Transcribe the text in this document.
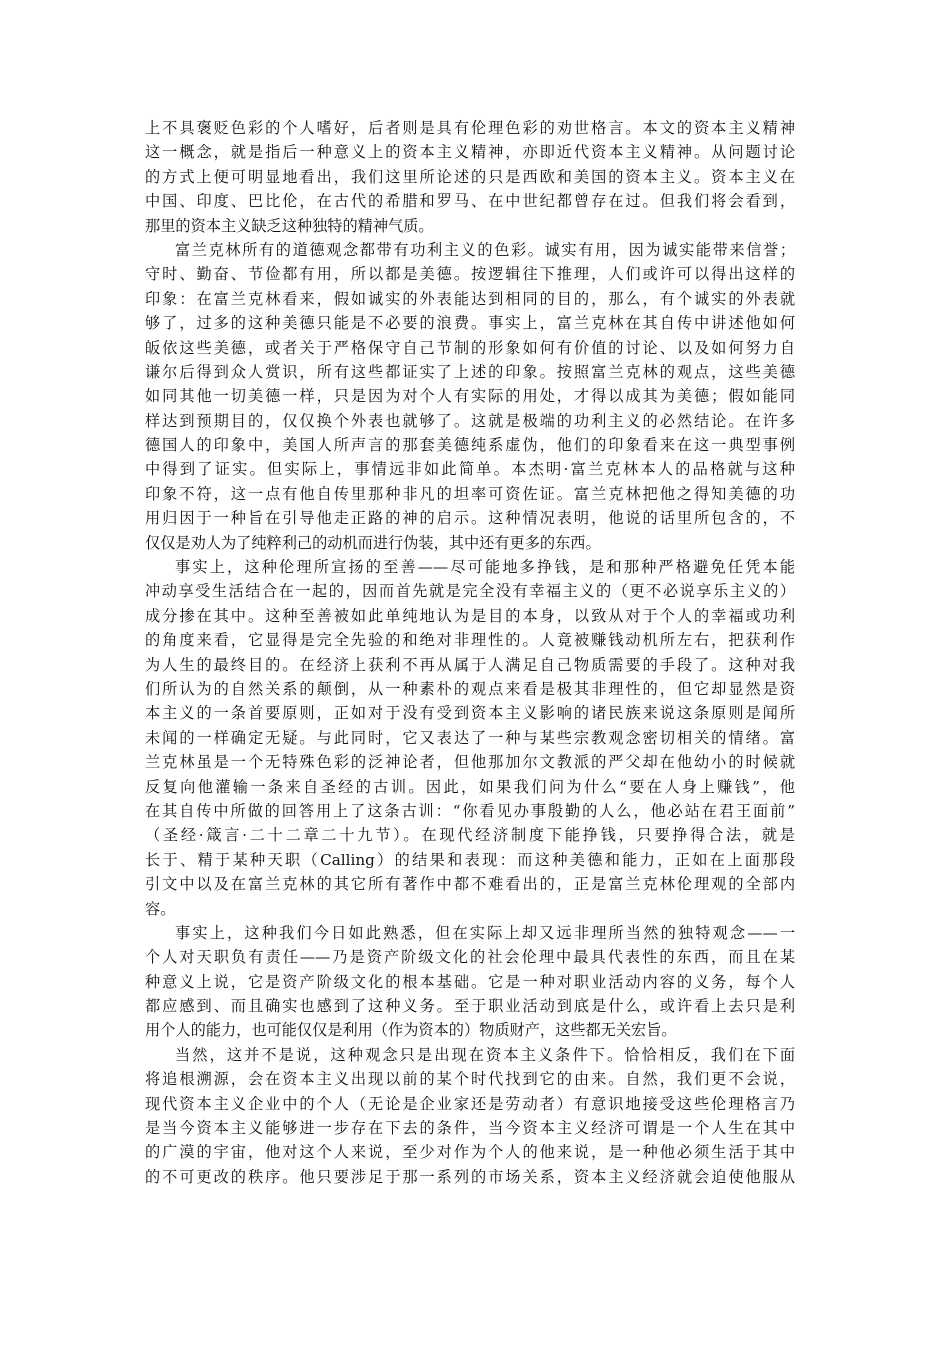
上不具褒贬色彩的个人嗜好，后者则是具有伦理色彩的劝世格言。本文的资本主义精神
这一概念，就是指后一种意义上的资本主义精神，亦即近代资本主义精神。从问题讨论
的方式上便可明显地看出，我们这里所论述的只是西欧和美国的资本主义。资本主义在
中国、印度、巴比伦，在古代的希腊和罗马、在中世纪都曾存在过。但我们将会看到，
那里的资本主义缺乏这种独特的精神气质。
富兰克林所有的道德观念都带有功利主义的色彩。诚实有用，因为诚实能带来信誉；
守时、勤奋、节俭都有用，所以都是美德。按逻辑往下推理，人们或许可以得出这样的
印象：在富兰克林看来，假如诚实的外表能达到相同的目的，那么，有个诚实的外表就
够了，过多的这种美德只能是不必要的浪费。事实上，富兰克林在其自传中讲述他如何
皈依这些美德，或者关于严格保守自己节制的形象如何有价值的讨论、以及如何努力自
谦尔后得到众人赏识，所有这些都证实了上述的印象。按照富兰克林的观点，这些美德
如同其他一切美德一样，只是因为对个人有实际的用处，才得以成其为美德；假如能同
样达到预期目的，仅仅换个外表也就够了。这就是极端的功利主义的必然结论。在许多
德国人的印象中，美国人所声言的那套美德纯系虚伪，他们的印象看来在这一典型事例
中得到了证实。但实际上，事情远非如此简单。本杰明·富兰克林本人的品格就与这种
印象不符，这一点有他自传里那种非凡的坦率可资佐证。富兰克林把他之得知美德的功
用归因于一种旨在引导他走正路的神的启示。这种情况表明，他说的话里所包含的，不
仅仅是劝人为了纯粹利己的动机而进行伪装，其中还有更多的东西。
事实上，这种伦理所宣扬的至善——尽可能地多挣钱，是和那种严格避免任凭本能
冲动享受生活结合在一起的，因而首先就是完全没有幸福主义的（更不必说享乐主义的）
成分掺在其中。这种至善被如此单纯地认为是目的本身，以致从对于个人的幸福或功利
的角度来看，它显得是完全先验的和绝对非理性的。人竟被赚钱动机所左右，把获利作
为人生的最终目的。在经济上获利不再从属于人满足自己物质需要的手段了。这种对我
们所认为的自然关系的颠倒，从一种素朴的观点来看是极其非理性的，但它却显然是资
本主义的一条首要原则，正如对于没有受到资本主义影响的诸民族来说这条原则是闻所
未闻的一样确定无疑。与此同时，它又表达了一种与某些宗教观念密切相关的情绪。富
兰克林虽是一个无特殊色彩的泛神论者，但他那加尔文教派的严父却在他幼小的时候就
反复向他灌输一条来自圣经的古训。因此，如果我们问为什么“要在人身上赚钱”，他
在其自传中所做的回答用上了这条古训：“你看见办事殷勤的人么，他必站在君王面前”
（圣经·箴言·二十二章二十九节）。在现代经济制度下能挣钱，只要挣得合法，就是
长于、精于某种天职（Calling）的结果和表现：而这种美德和能力，正如在上面那段
引文中以及在富兰克林的其它所有著作中都不难看出的，正是富兰克林伦理观的全部内
容。
事实上，这种我们今日如此熟悉，但在实际上却又远非理所当然的独特观念——一
个人对天职负有责任——乃是资产阶级文化的社会伦理中最具代表性的东西，而且在某
种意义上说，它是资产阶级文化的根本基础。它是一种对职业活动内容的义务，每个人
都应感到、而且确实也感到了这种义务。至于职业活动到底是什么，或许看上去只是利
用个人的能力，也可能仅仅是利用（作为资本的）物质财产，这些都无关宏旨。
当然，这并不是说，这种观念只是出现在资本主义条件下。恰恰相反，我们在下面
将追根溯源，会在资本主义出现以前的某个时代找到它的由来。自然，我们更不会说，
现代资本主义企业中的个人（无论是企业家还是劳动者）有意识地接受这些伦理格言乃
是当今资本主义能够进一步存在下去的条件，当今资本主义经济可谓是一个人生在其中
的广漠的宇宙，他对这个人来说，至少对作为个人的他来说，是一种他必须生活于其中
的不可更改的秩序。他只要涉足于那一系列的市场关系，资本主义经济就会迫使他服从
